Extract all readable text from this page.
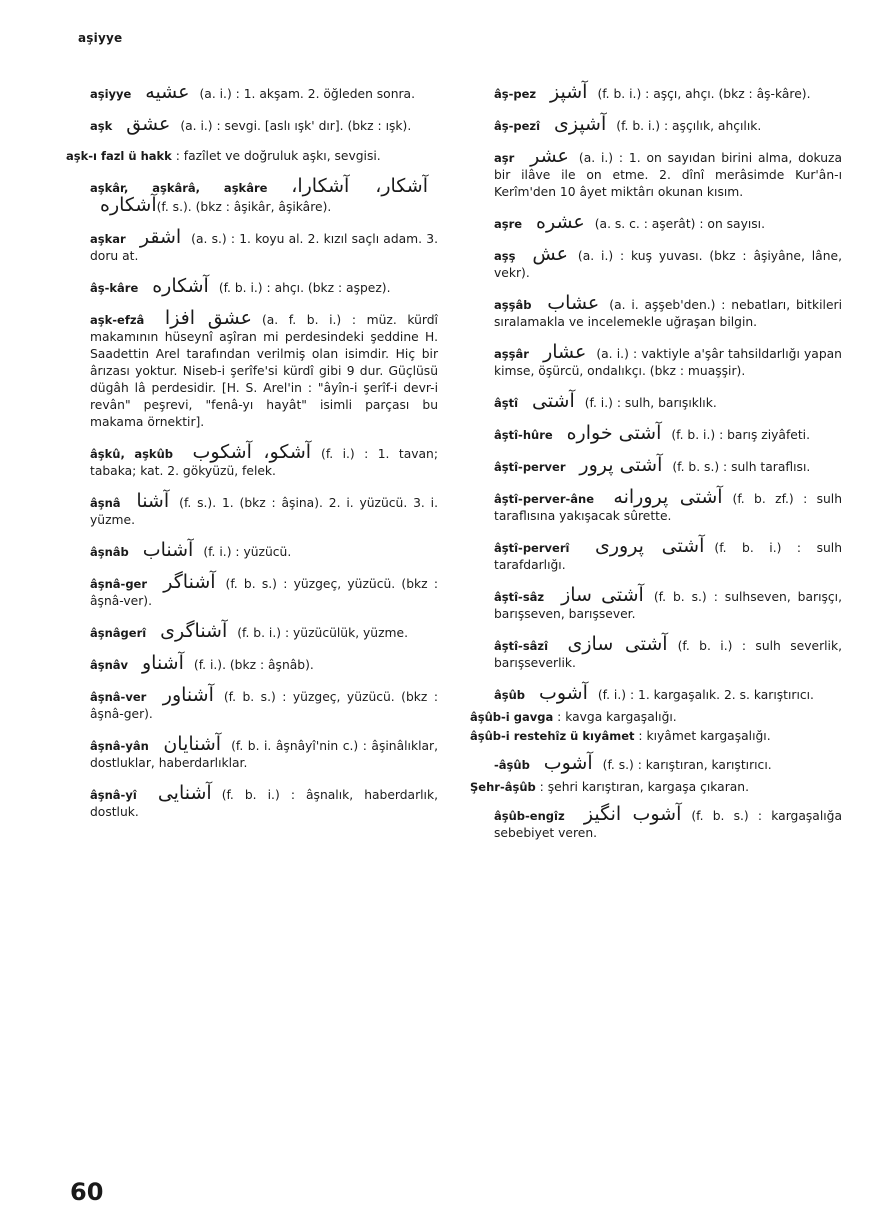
aşiyye
aşiyye عشيه (a. i.) : 1. akşam. 2. öğleden sonra.
aşk عشق (a. i.) : sevgi. [aslı ışk' dır]. (bkz : ışk).
aşk-ı fazl ü hakk : fazîlet ve doğruluk aşkı, sevgisi.
aşkâr, aşkârâ, aşkâre آشكار، آشكارا، آشكاره(f. s.). (bkz : âşikâr, âşikâre).
aşkar اشقر (a. s.) : 1. koyu al. 2. kızıl saçlı adam. 3. doru at.
âş-kâre آشكاره (f. b. i.) : ahçı. (bkz : aşpez).
aşk-efzâ عشق افزا (a. f. b. i.) : müz. kürdî makamının hüseynî aşîran mi perdesindeki şeddine H. Saadettin Arel tarafından verilmiş olan isimdir. Hiç bir ârızası yoktur. Niseb-i şerîfe'si kürdî gibi 9 dur. Güçlüsü dügâh lâ perdesidir. [H. S. Arel'in : "âyîn-i şerîf-i devr-i revân" peşrevi, "fenâ-yı hayât" isimli parçası bu makama örnektir].
âşkû, aşkûb آشكو، آشكوب (f. i.) : 1. tavan; tabaka; kat. 2. gökyüzü, felek.
âşnâ آشنا (f. s.). 1. (bkz : âşina). 2. i. yüzücü. 3. i. yüzme.
âşnâb آشناب (f. i.) : yüzücü.
âşnâ-ger آشناگر (f. b. s.) : yüzgeç, yüzücü. (bkz : âşnâ-ver).
âşnâgerî آشناگرى (f. b. i.) : yüzücülük, yüzme.
âşnâv آشناو (f. i.). (bkz : âşnâb).
âşnâ-ver آشناور (f. b. s.) : yüzgeç, yüzücü. (bkz : âşnâ-ger).
âşnâ-yân آشنايان (f. b. i. âşnâyî'nin c.) : âşinâlıklar, dostluklar, haberdarlıklar.
âşnâ-yî آشنايى (f. b. i.) : âşnalık, haberdarlık, dostluk.
âş-pez آشپز (f. b. i.) : aşçı, ahçı. (bkz : âş-kâre).
âş-pezî آشپزى (f. b. i.) : aşçılık, ahçılık.
aşr عشر (a. i.) : 1. on sayıdan birini alma, dokuza bir ilâve ile on etme. 2. dînî merâsimde Kur'ân-ı Kerîm'den 10 âyet miktârı okunan kısım.
aşre عشره (a. s. c. : aşerât) : on sayısı.
aşş عش (a. i.) : kuş yuvası. (bkz : âşiyâne, lâne, vekr).
aşşâb عشاب (a. i. aşşeb'den.) : nebatları, bitkileri sıralamakla ve incelemekle uğraşan bilgin.
aşşâr عشار (a. i.) : vaktiyle a'şâr tahsildarlığı yapan kimse, öşürcü, ondalıkçı. (bkz : muaşşir).
âştî آشتى (f. i.) : sulh, barışıklık.
âştî-hûre آشتى خواره (f. b. i.) : barış ziyâfeti.
âştî-perver آشتى پرور (f. b. s.) : sulh taraflısı.
âştî-perver-âne آشتى پرورانه (f. b. zf.) : sulh taraflısına yakışacak sûrette.
âştî-perverî آشتى پرورى (f. b. i.) : sulh tarafdarlığı.
âştî-sâz آشتى ساز (f. b. s.) : sulhseven, barışçı, barışseven, barışsever.
âştî-sâzî آشتى سازى (f. b. i.) : sulh severlik, barışseverlik.
âşûb آشوب (f. i.) : 1. kargaşalık. 2. s. karıştırıcı.
âşûb-i gavga : kavga kargaşalığı.
âşûb-i restehîz ü kıyâmet : kıyâmet kargaşalığı.
-âşûb آشوب (f. s.) : karıştıran, karıştırıcı.
Şehr-âşûb : şehri karıştıran, kargaşa çıkaran.
âşûb-engîz آشوب انگيز (f. b. s.) : kargaşalığa sebebiyet veren.
60
